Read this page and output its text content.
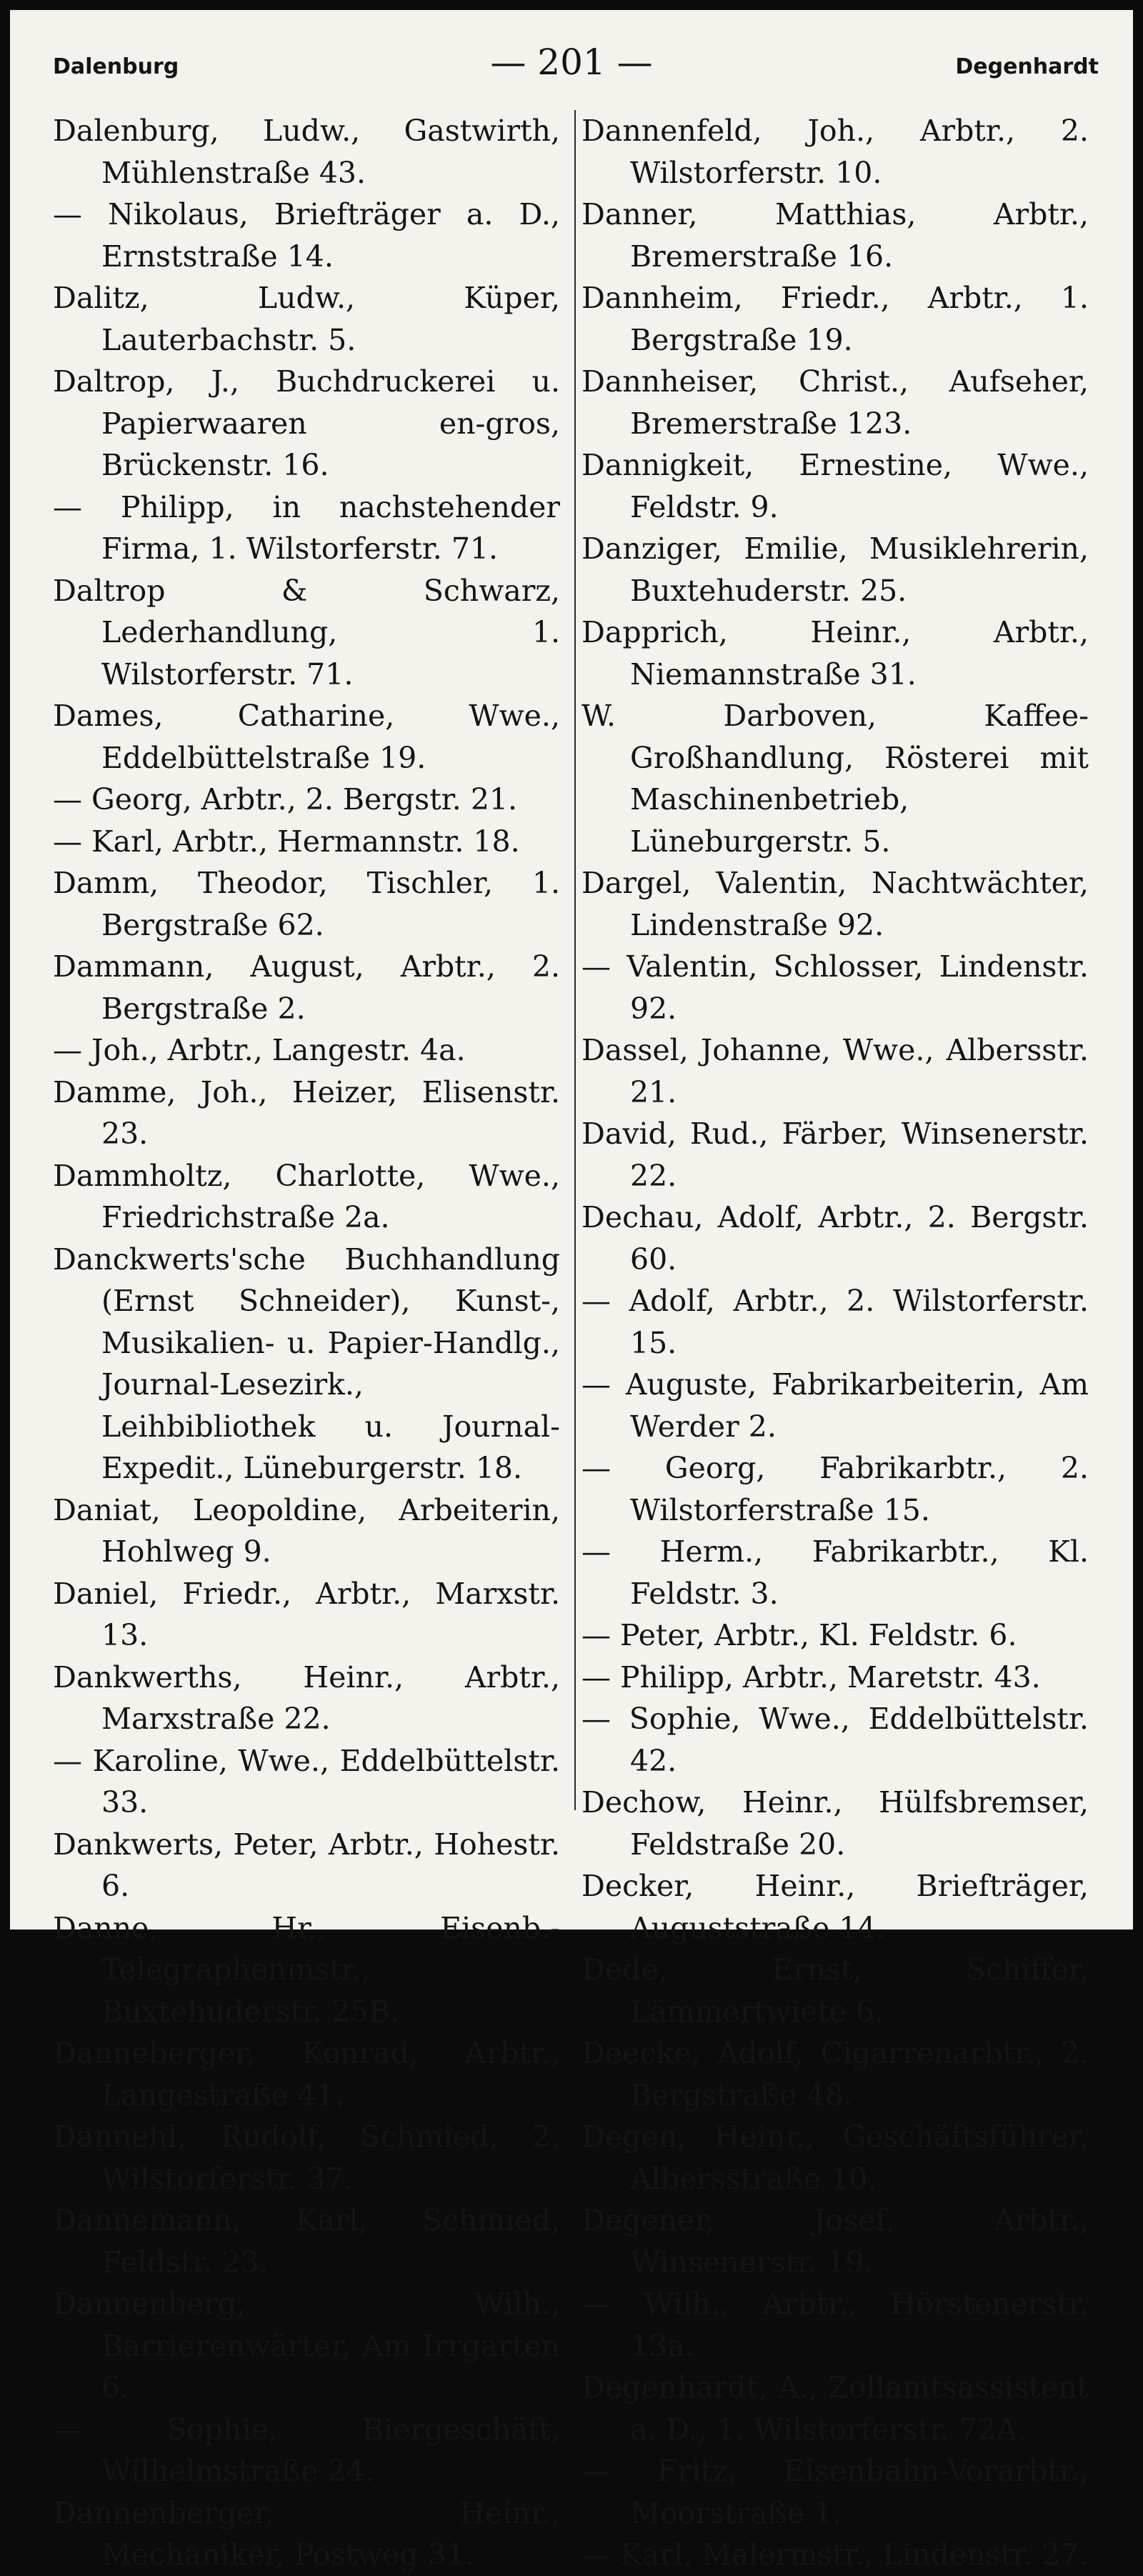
Dalenburg	— 201 —	Degenhardt
Dalenburg, Ludw., Gastwirth, Mühlenstraße 43.
— Nikolaus, Briefträger a. D., Ernststraße 14.
Dalitz, Ludw., Küper, Lauterbachstr. 5.
Daltrop, J., Buchdruckerei u. Papierwaaren en-gros, Brückenstr. 16.
— Philipp, in nachstehender Firma, 1. Wilstorferstr. 71.
Daltrop & Schwarz, Lederhandlung, 1. Wilstorferstr. 71.
Dames, Catharine, Wwe., Eddelbüttelstraße 19.
— Georg, Arbtr., 2. Bergstr. 21.
— Karl, Arbtr., Hermannstr. 18.
Damm, Theodor, Tischler, 1. Bergstraße 62.
Dammann, August, Arbtr., 2. Bergstraße 2.
— Joh., Arbtr., Langestr. 4a.
Damme, Joh., Heizer, Elisenstr. 23.
Dammholtz, Charlotte, Wwe., Friedrichstraße 2a.
Danckwerts'sche Buchhandlung (Ernst Schneider), Kunst-, Musikalien- u. Papier-Handlg., Journal-Lesezirk., Leihbibliothek u. Journal-Expedit., Lüneburgerstr. 18.
Daniat, Leopoldine, Arbeiterin, Hohlweg 9.
Daniel, Friedr., Arbtr., Marxstr. 13.
Dankwerths, Heinr., Arbtr., Marxstraße 22.
— Karoline, Wwe., Eddelbüttelstr. 33.
Dankwerts, Peter, Arbtr., Hohestr. 6.
Danne, Hr., Eisenb.-Telegraphenmstr., Buxtehuderstr. 25B.
Danneberger, Konrad, Arbtr., Langestraße 41.
Dannehl, Rudolf, Schmied, 2. Wilstorferstr. 37.
Dannemann, Karl, Schmied, Feldstr. 23.
Dannenberg, Wilh., Barrierenwärter, Am Irrgarten 6.
— Sophie, Biergeschäft, Wilhelmstraße 24.
Dannenberger, Heinr., Mechaniker, Postweg 31.
Dannenfeld, Joh., Arbtr., 2. Wilstorferstr. 10.
Danner, Matthias, Arbtr., Bremerstraße 16.
Dannheim, Friedr., Arbtr., 1. Bergstraße 19.
Dannheiser, Christ., Aufseher, Bremerstraße 123.
Dannigkeit, Ernestine, Wwe., Feldstr. 9.
Danziger, Emilie, Musiklehrerin, Buxtehuderstr. 25.
Dapprich, Heinr., Arbtr., Niemannstraße 31.
W. Darboven, Kaffee-Großhandlung, Rösterei mit Maschinenbetrieb, Lüneburgerstr. 5.
Dargel, Valentin, Nachtwächter, Lindenstraße 92.
— Valentin, Schlosser, Lindenstr. 92.
Dassel, Johanne, Wwe., Albersstr. 21.
David, Rud., Färber, Winsenerstr. 22.
Dechau, Adolf, Arbtr., 2. Bergstr. 60.
— Adolf, Arbtr., 2. Wilstorferstr. 15.
— Auguste, Fabrikarbeiterin, Am Werder 2.
— Georg, Fabrikarbtr., 2. Wilstorferstraße 15.
— Herm., Fabrikarbtr., Kl. Feldstr. 3.
— Peter, Arbtr., Kl. Feldstr. 6.
— Philipp, Arbtr., Maretstr. 43.
— Sophie, Wwe., Eddelbüttelstr. 42.
Dechow, Heinr., Hülfsbremser, Feldstraße 20.
Decker, Heinr., Briefträger, Auguststraße 14.
Dede, Ernst, Schiffer, Lämmertwiete 6.
Deecke, Adolf, Cigarrenarbtr., 2. Bergstraße 48.
Degen, Heinr., Geschäftsführer, Albersstraße 10.
Degener, Josef, Arbtr., Winsenerstr. 19.
— Wilh., Arbtr., Hörstenerstr. 13a.
Degenhardt, A., Zollamtsassistent a. D., 1. Wilstorferstr. 72A.
— Fritz, Eisenbahn-Vorarbtr., Moorstraße 1.
— Karl, Malermstr., Lindenstr. 27.
